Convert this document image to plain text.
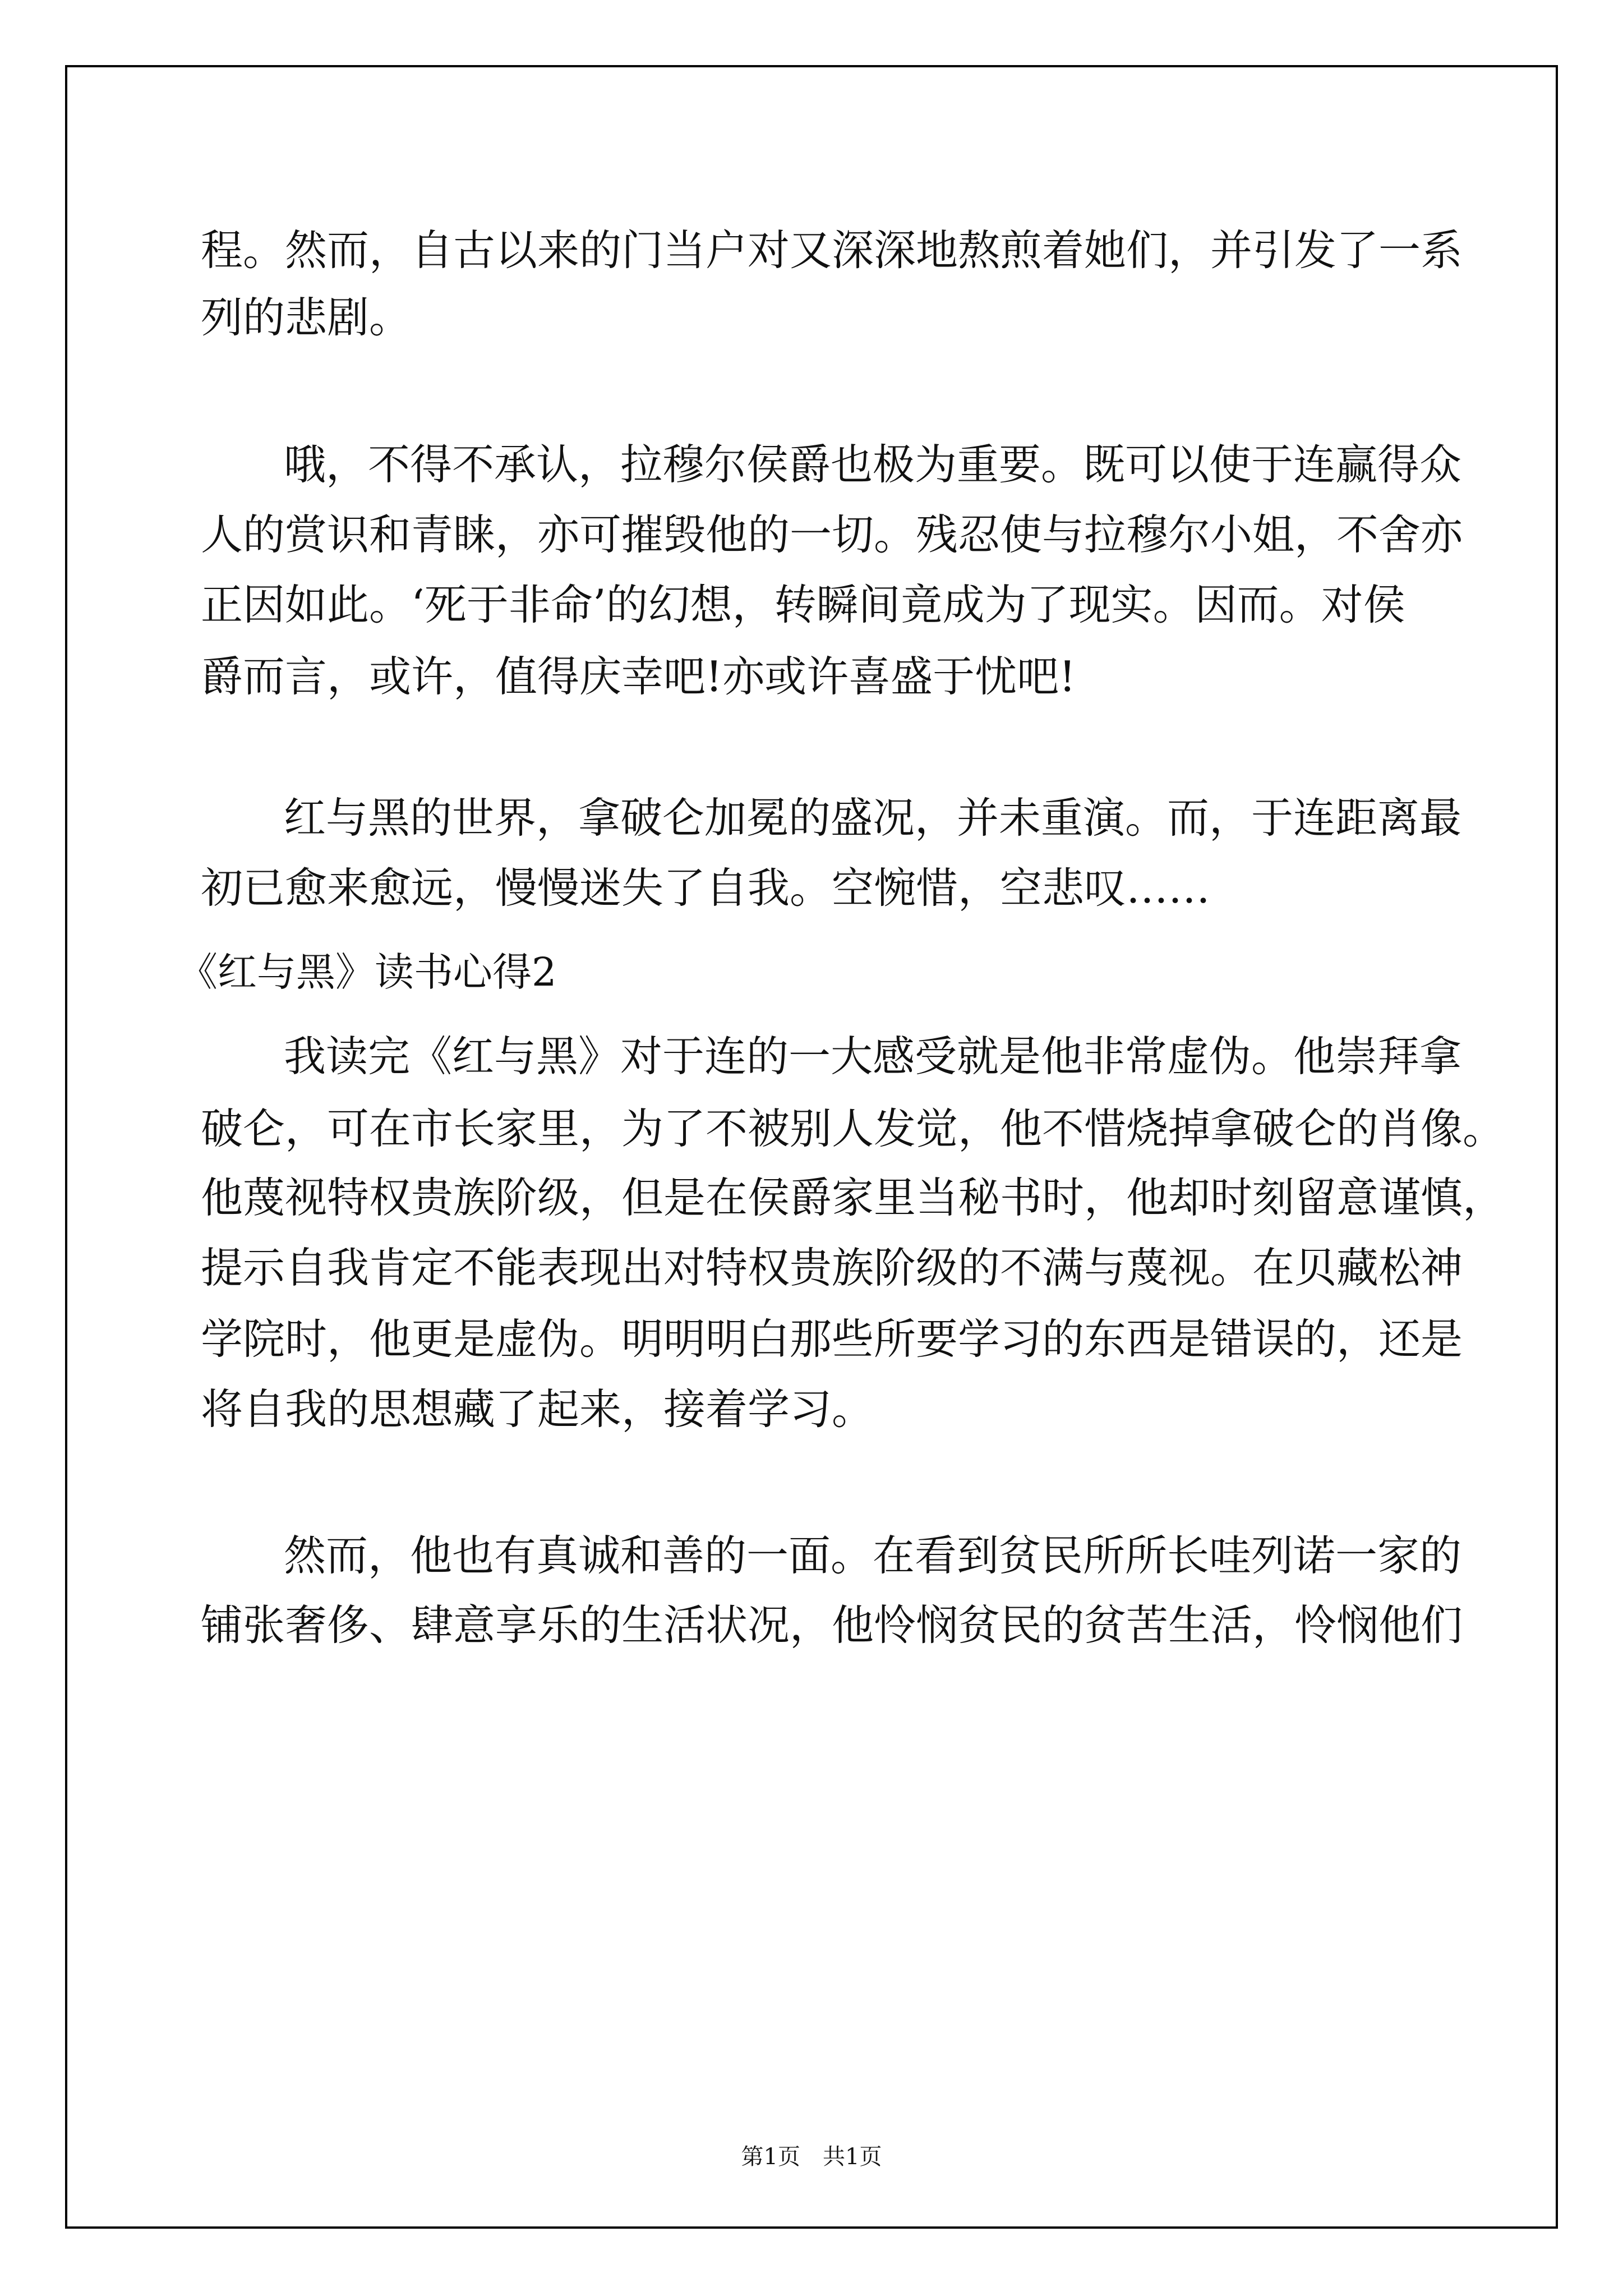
程。然而，自古以来的门当户对又深深地熬煎着她们，并引发了一系
列的悲剧。
哦，不得不承认，拉穆尔侯爵也极为重要。既可以使于连赢得众
人的赏识和青睐，亦可摧毁他的一切。残忍使与拉穆尔小姐，不舍亦
正因如此。‘死于非命’的幻想，转瞬间竟成为了现实。因而。对侯
爵而言，或许，值得庆幸吧!亦或许喜盛于忧吧!
红与黑的世界，拿破仑加冕的盛况，并未重演。而，于连距离最
初已愈来愈远，慢慢迷失了自我。空惋惜，空悲叹……
《红与黑》读书心得2
我读完《红与黑》对于连的一大感受就是他非常虚伪。他崇拜拿
破仑，可在市长家里，为了不被别人发觉，他不惜烧掉拿破仑的肖像。
他蔑视特权贵族阶级，但是在侯爵家里当秘书时，他却时刻留意谨慎，
提示自我肯定不能表现出对特权贵族阶级的不满与蔑视。在贝藏松神
学院时，他更是虚伪。明明明白那些所要学习的东西是错误的，还是
将自我的思想藏了起来，接着学习。
然而，他也有真诚和善的一面。在看到贫民所所长哇列诺一家的
铺张奢侈、肆意享乐的生活状况，他怜悯贫民的贫苦生活，怜悯他们
第1页　共1页
